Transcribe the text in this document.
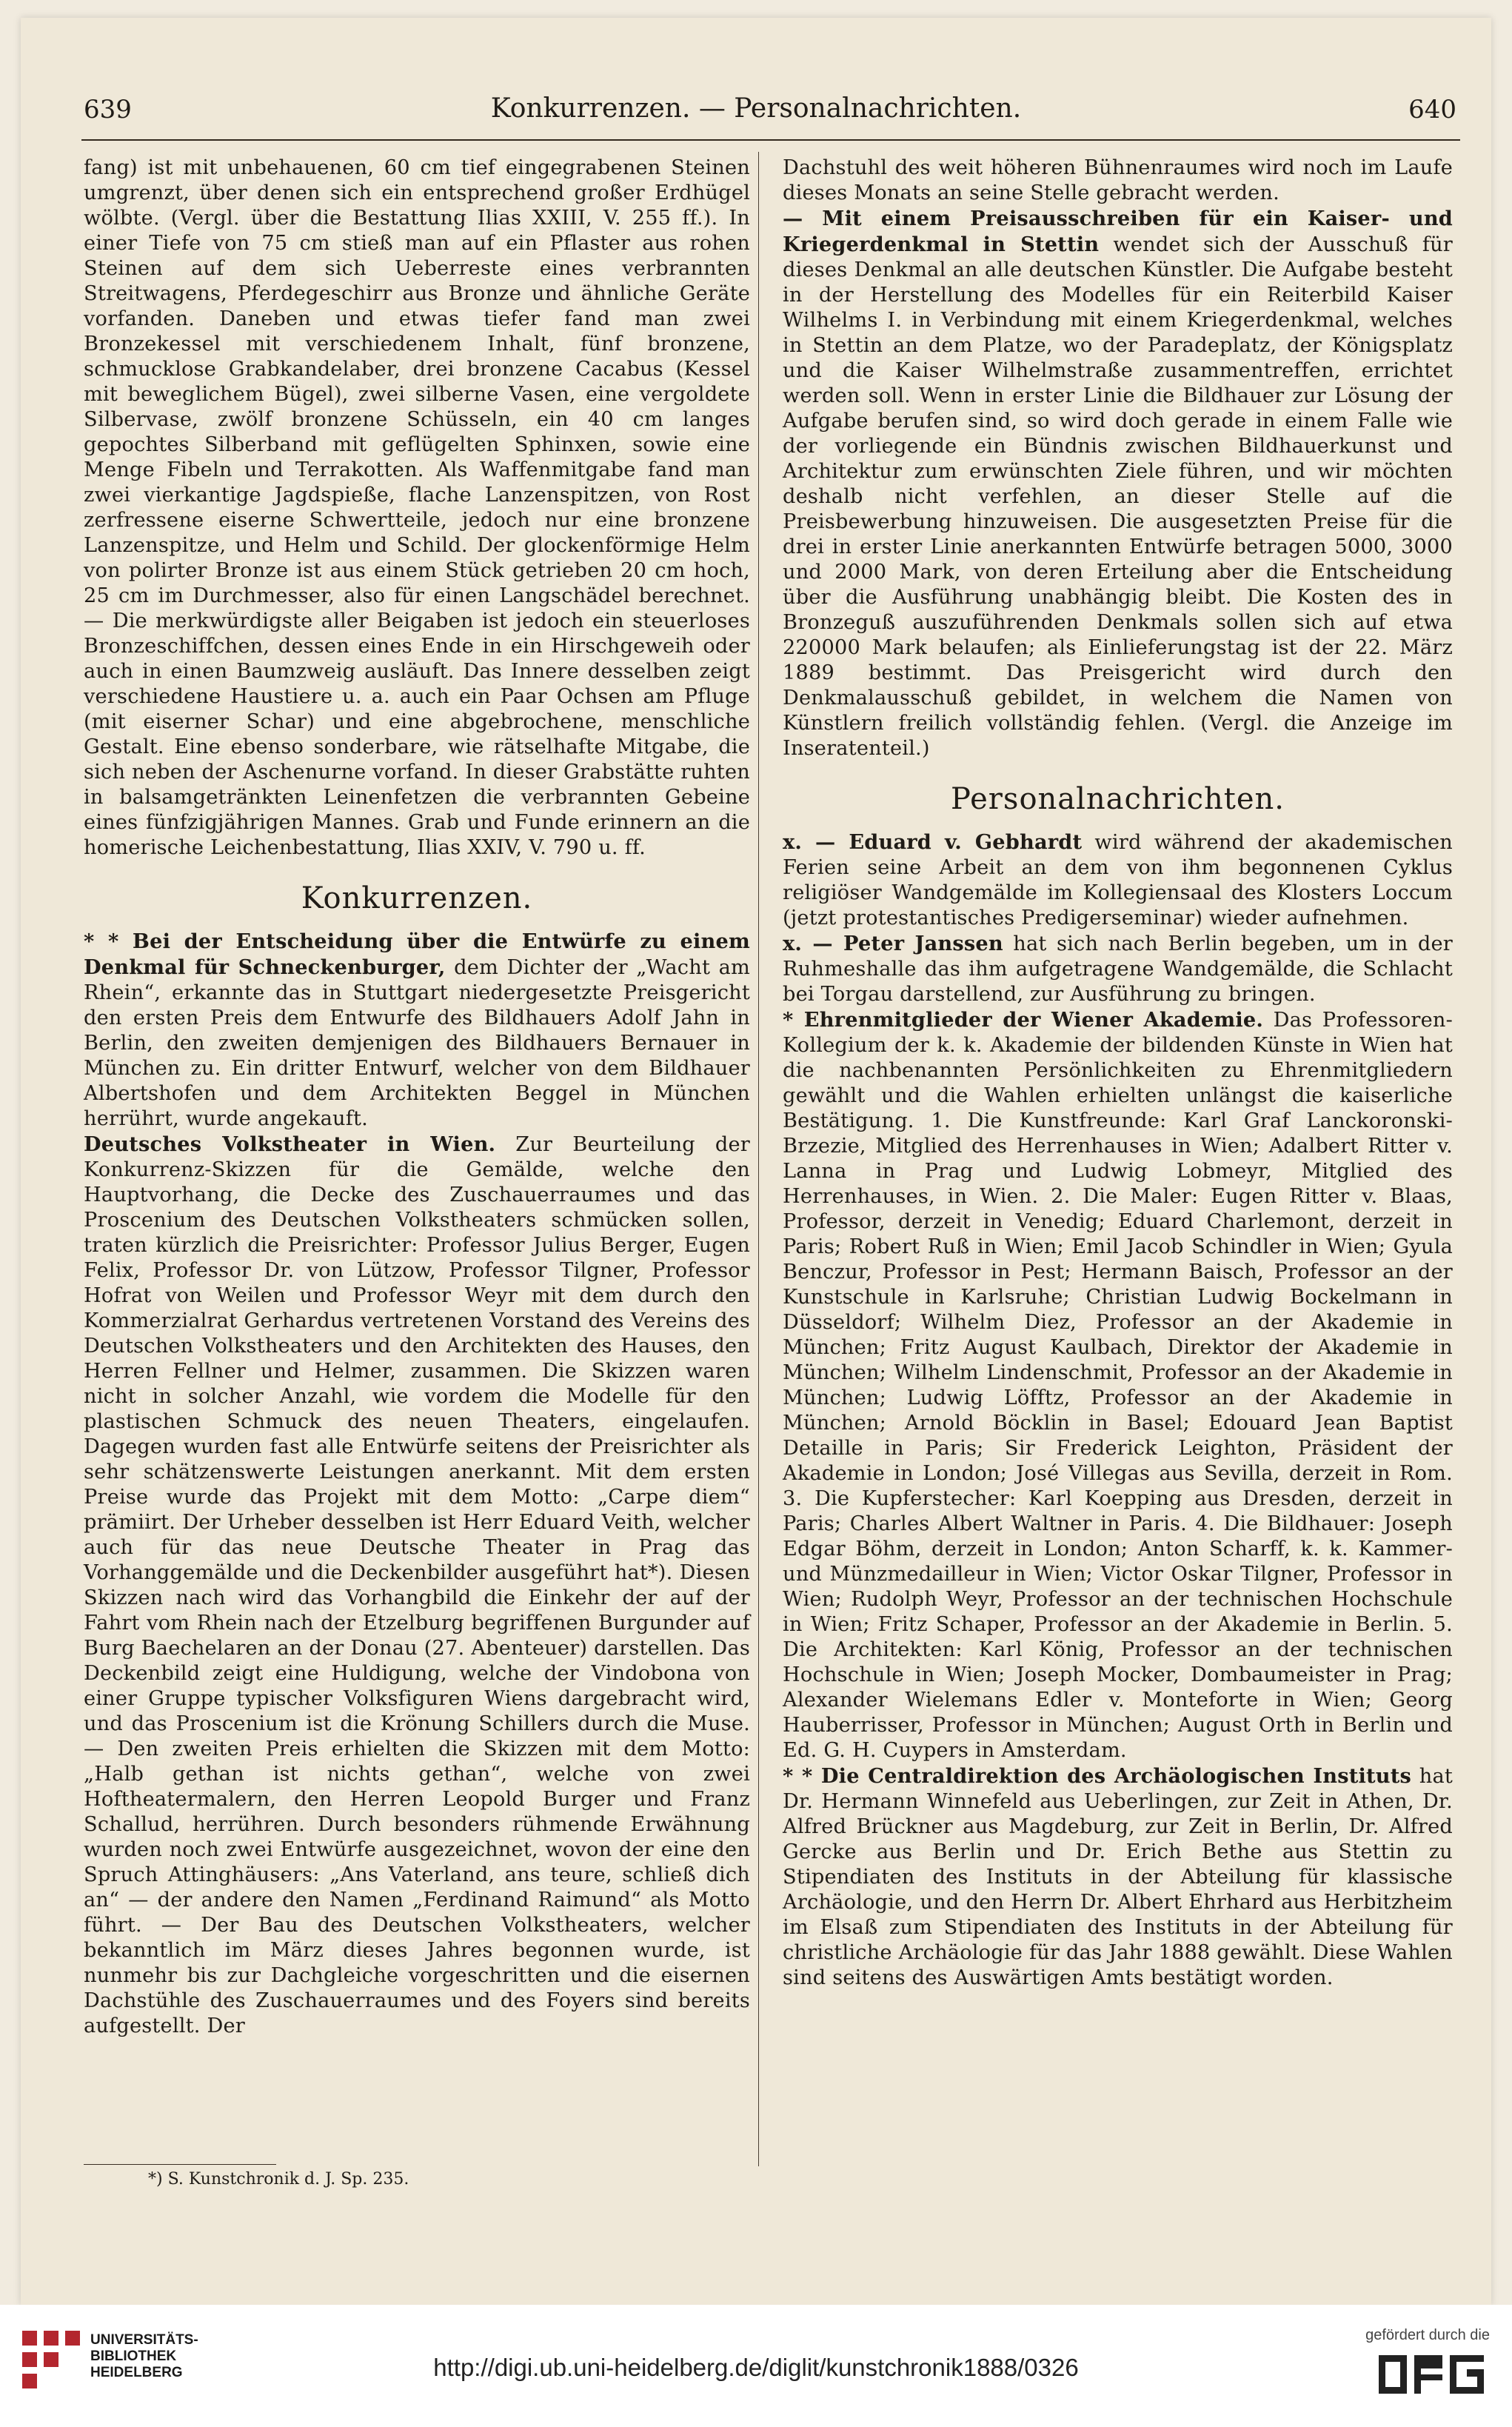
639	Konkurrenzen. — Personalnachrichten.	640

fang) ist mit unbehauenen, 60 cm tief eingegrabenen Steinen umgrenzt, über denen sich ein entsprechend großer Erdhügel wölbte. (Vergl. über die Bestattung Ilias XXIII, V. 255 ff.). In einer Tiefe von 75 cm stieß man auf ein Pflaster aus rohen Steinen auf dem sich Ueberreste eines verbrannten Streitwagens, Pferdegeschirr aus Bronze und ähnliche Geräte vorfanden. Daneben und etwas tiefer fand man zwei Bronzekessel mit verschiedenem Inhalt, fünf bronzene, schmucklose Grabkandelaber, drei bronzene Cacabus (Kessel mit beweglichem Bügel), zwei silberne Vasen, eine vergoldete Silbervase, zwölf bronzene Schüsseln, ein 40 cm langes gepochtes Silberband mit geflügelten Sphinxen, sowie eine Menge Fibeln und Terrakotten. Als Waffenmitgabe fand man zwei vierkantige Jagdspieße, flache Lanzenspitzen, von Rost zerfressene eiserne Schwertteile, jedoch nur eine bronzene Lanzenspitze, und Helm und Schild. Der glockenförmige Helm von polirter Bronze ist aus einem Stück getrieben 20 cm hoch, 25 cm im Durchmesser, also für einen Langschädel berechnet. — Die merkwürdigste aller Beigaben ist jedoch ein steuerloses Bronzeschiffchen, dessen eines Ende in ein Hirschgeweih oder auch in einen Baumzweig ausläuft. Das Innere desselben zeigt verschiedene Haustiere u. a. auch ein Paar Ochsen am Pfluge (mit eiserner Schar) und eine abgebrochene, menschliche Gestalt. Eine ebenso sonderbare, wie rätselhafte Mitgabe, die sich neben der Aschenurne vorfand. In dieser Grabstätte ruhten in balsamgetränkten Leinenfetzen die verbrannten Gebeine eines fünfzigjährigen Mannes. Grab und Funde erinnern an die homerische Leichenbestattung, Ilias XXIV, V. 790 u. ff.

Konkurrenzen.

* * Bei der Entscheidung über die Entwürfe zu einem Denkmal für Schneckenburger, dem Dichter der „Wacht am Rhein“, erkannte das in Stuttgart niedergesetzte Preisgericht den ersten Preis dem Entwurfe des Bildhauers Adolf Jahn in Berlin, den zweiten demjenigen des Bildhauers Bernauer in München zu. Ein dritter Entwurf, welcher von dem Bildhauer Albertshofen und dem Architekten Beggel in München herrührt, wurde angekauft.

Deutsches Volkstheater in Wien. Zur Beurteilung der Konkurrenz-Skizzen für die Gemälde, welche den Hauptvorhang, die Decke des Zuschauerraumes und das Proscenium des Deutschen Volkstheaters schmücken sollen, traten kürzlich die Preisrichter: Professor Julius Berger, Eugen Felix, Professor Dr. von Lützow, Professor Tilgner, Professor Hofrat von Weilen und Professor Weyr mit dem durch den Kommerzialrat Gerhardus vertretenen Vorstand des Vereins des Deutschen Volkstheaters und den Architekten des Hauses, den Herren Fellner und Helmer, zusammen. Die Skizzen waren nicht in solcher Anzahl, wie vordem die Modelle für den plastischen Schmuck des neuen Theaters, eingelaufen. Dagegen wurden fast alle Entwürfe seitens der Preisrichter als sehr schätzenswerte Leistungen anerkannt. Mit dem ersten Preise wurde das Projekt mit dem Motto: „Carpe diem“ prämiirt. Der Urheber desselben ist Herr Eduard Veith, welcher auch für das neue Deutsche Theater in Prag das Vorhanggemälde und die Deckenbilder ausgeführt hat*). Diesen Skizzen nach wird das Vorhangbild die Einkehr der auf der Fahrt vom Rhein nach der Etzelburg begriffenen Burgunder auf Burg Baechelaren an der Donau (27. Abenteuer) darstellen. Das Deckenbild zeigt eine Huldigung, welche der Vindobona von einer Gruppe typischer Volksfiguren Wiens dargebracht wird, und das Proscenium ist die Krönung Schillers durch die Muse. — Den zweiten Preis erhielten die Skizzen mit dem Motto: „Halb gethan ist nichts gethan“, welche von zwei Hoftheatermalern, den Herren Leopold Burger und Franz Schallud, herrühren. Durch besonders rühmende Erwähnung wurden noch zwei Entwürfe ausgezeichnet, wovon der eine den Spruch Attinghäusers: „Ans Vaterland, ans teure, schließ dich an“ — der andere den Namen „Ferdinand Raimund“ als Motto führt. — Der Bau des Deutschen Volkstheaters, welcher bekanntlich im März dieses Jahres begonnen wurde, ist nunmehr bis zur Dachgleiche vorgeschritten und die eisernen Dachstühle des Zuschauerraumes und des Foyers sind bereits aufgestellt. Der

*) S. Kunstchronik d. J. Sp. 235.

Dachstuhl des weit höheren Bühnenraumes wird noch im Laufe dieses Monats an seine Stelle gebracht werden.

— Mit einem Preisausschreiben für ein Kaiser- und Kriegerdenkmal in Stettin wendet sich der Ausschuß für dieses Denkmal an alle deutschen Künstler. Die Aufgabe besteht in der Herstellung des Modelles für ein Reiterbild Kaiser Wilhelms I. in Verbindung mit einem Kriegerdenkmal, welches in Stettin an dem Platze, wo der Paradeplatz, der Königsplatz und die Kaiser Wilhelmstraße zusammentreffen, errichtet werden soll. Wenn in erster Linie die Bildhauer zur Lösung der Aufgabe berufen sind, so wird doch gerade in einem Falle wie der vorliegende ein Bündnis zwischen Bildhauerkunst und Architektur zum erwünschten Ziele führen, und wir möchten deshalb nicht verfehlen, an dieser Stelle auf die Preisbewerbung hinzuweisen. Die ausgesetzten Preise für die drei in erster Linie anerkannten Entwürfe betragen 5000, 3000 und 2000 Mark, von deren Erteilung aber die Entscheidung über die Ausführung unabhängig bleibt. Die Kosten des in Bronzeguß auszuführenden Denkmals sollen sich auf etwa 220000 Mark belaufen; als Einlieferungstag ist der 22. März 1889 bestimmt. Das Preisgericht wird durch den Denkmalausschuß gebildet, in welchem die Namen von Künstlern freilich vollständig fehlen. (Vergl. die Anzeige im Inseratenteil.)

Personalnachrichten.

x. — Eduard v. Gebhardt wird während der akademischen Ferien seine Arbeit an dem von ihm begonnenen Cyklus religiöser Wandgemälde im Kollegiensaal des Klosters Loccum (jetzt protestantisches Predigerseminar) wieder aufnehmen.

x. — Peter Janssen hat sich nach Berlin begeben, um in der Ruhmeshalle das ihm aufgetragene Wandgemälde, die Schlacht bei Torgau darstellend, zur Ausführung zu bringen.

* Ehrenmitglieder der Wiener Akademie. Das Professoren-Kollegium der k. k. Akademie der bildenden Künste in Wien hat die nachbenannten Persönlichkeiten zu Ehrenmitgliedern gewählt und die Wahlen erhielten unlängst die kaiserliche Bestätigung. 1. Die Kunstfreunde: Karl Graf Lanckoronski-Brzezie, Mitglied des Herrenhauses in Wien; Adalbert Ritter v. Lanna in Prag und Ludwig Lobmeyr, Mitglied des Herrenhauses, in Wien. 2. Die Maler: Eugen Ritter v. Blaas, Professor, derzeit in Venedig; Eduard Charlemont, derzeit in Paris; Robert Ruß in Wien; Emil Jacob Schindler in Wien; Gyula Benczur, Professor in Pest; Hermann Baisch, Professor an der Kunstschule in Karlsruhe; Christian Ludwig Bockelmann in Düsseldorf; Wilhelm Diez, Professor an der Akademie in München; Fritz August Kaulbach, Direktor der Akademie in München; Wilhelm Lindenschmit, Professor an der Akademie in München; Ludwig Löfftz, Professor an der Akademie in München; Arnold Böcklin in Basel; Edouard Jean Baptist Detaille in Paris; Sir Frederick Leighton, Präsident der Akademie in London; José Villegas aus Sevilla, derzeit in Rom. 3. Die Kupferstecher: Karl Koepping aus Dresden, derzeit in Paris; Charles Albert Waltner in Paris. 4. Die Bildhauer: Joseph Edgar Böhm, derzeit in London; Anton Scharff, k. k. Kammer- und Münzmedailleur in Wien; Victor Oskar Tilgner, Professor in Wien; Rudolph Weyr, Professor an der technischen Hochschule in Wien; Fritz Schaper, Professor an der Akademie in Berlin. 5. Die Architekten: Karl König, Professor an der technischen Hochschule in Wien; Joseph Mocker, Dombaumeister in Prag; Alexander Wielemans Edler v. Monteforte in Wien; Georg Hauberrisser, Professor in München; August Orth in Berlin und Ed. G. H. Cuypers in Amsterdam.

* * Die Centraldirektion des Archäologischen Instituts hat Dr. Hermann Winnefeld aus Ueberlingen, zur Zeit in Athen, Dr. Alfred Brückner aus Magdeburg, zur Zeit in Berlin, Dr. Alfred Gercke aus Berlin und Dr. Erich Bethe aus Stettin zu Stipendiaten des Instituts in der Abteilung für klassische Archäologie, und den Herrn Dr. Albert Ehrhard aus Herbitzheim im Elsaß zum Stipendiaten des Instituts in der Abteilung für christliche Archäologie für das Jahr 1888 gewählt. Diese Wahlen sind seitens des Auswärtigen Amts bestätigt worden.

UNIVERSITÄTS- BIBLIOTHEK HEIDELBERG	http://digi.ub.uni-heidelberg.de/diglit/kunstchronik1888/0326
gefördert durch die
